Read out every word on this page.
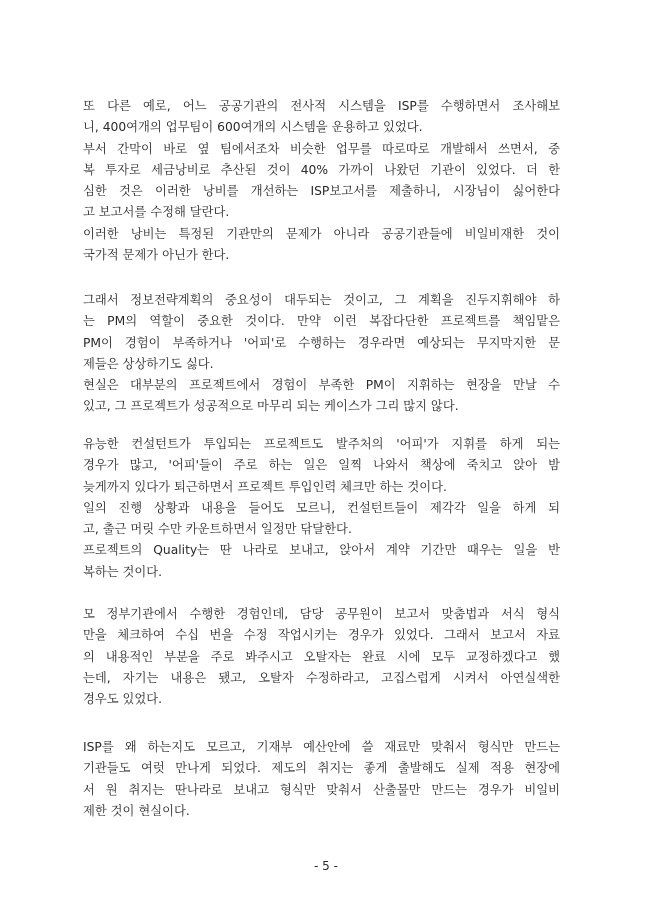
또 다른 예로, 어느 공공기관의 전사적 시스템을 ISP를 수행하면서 조사해보
니, 400여개의 업무팀이 600여개의 시스템을 운용하고 있었다.
부서 간막이 바로 옆 팀에서조차 비슷한 업무를 따로따로 개발해서 쓰면서, 중
복 투자로 세금낭비로 추산된 것이 40% 가까이 나왔던 기관이 있었다. 더 한
심한 것은 이러한 낭비를 개선하는 ISP보고서를 제출하니, 시장님이 싫어한다
고 보고서를 수정해 달란다.
이러한 낭비는 특정된 기관만의 문제가 아니라 공공기관들에 비일비재한 것이
국가적 문제가 아닌가 한다.
그래서 정보전략계획의 중요성이 대두되는 것이고, 그 계획을 진두지휘해야 하
는 PM의 역할이 중요한 것이다. 만약 이런 복잡다단한 프로젝트를 책임맡은
PM이 경험이 부족하거나 '어피'로 수행하는 경우라면 예상되는 무지막지한 문
제들은 상상하기도 싫다.
현실은 대부분의 프로젝트에서 경험이 부족한 PM이 지휘하는 현장을 만날 수
있고, 그 프로젝트가 성공적으로 마무리 되는 케이스가 그리 많지 않다.
유능한 컨설턴트가 투입되는 프로젝트도 발주처의 '어피'가 지휘를 하게 되는
경우가 많고, '어피'들이 주로 하는 일은 일찍 나와서 책상에 죽치고 앉아 밤
늦게까지 있다가 퇴근하면서 프로젝트 투입인력 체크만 하는 것이다.
일의 진행 상황과 내용을 들어도 모르니, 컨설턴트들이 제각각 일을 하게 되
고, 출근 머릿 수만 카운트하면서 일정만 닦달한다.
프로젝트의 Quality는 딴 나라로 보내고, 앉아서 계약 기간만 때우는 일을 반
복하는 것이다.
모 정부기관에서 수행한 경험인데, 담당 공무원이 보고서 맞춤법과 서식 형식
만을 체크하여 수십 번을 수정 작업시키는 경우가 있었다. 그래서 보고서 자료
의 내용적인 부분을 주로 봐주시고 오탈자는 완료 시에 모두 교정하겠다고 했
는데, 자기는 내용은 됐고, 오탈자 수정하라고, 고집스럽게 시켜서 아연실색한
경우도 있었다.
ISP를 왜 하는지도 모르고, 기재부 예산안에 쓸 재료만 맞춰서 형식만 만드는
기관들도 여럿 만나게 되었다. 제도의 취지는 좋게 출발해도 실제 적용 현장에
서 원 취지는 딴나라로 보내고 형식만 맞춰서 산출물만 만드는 경우가 비일비
제한 것이 현실이다.
- 5 -
